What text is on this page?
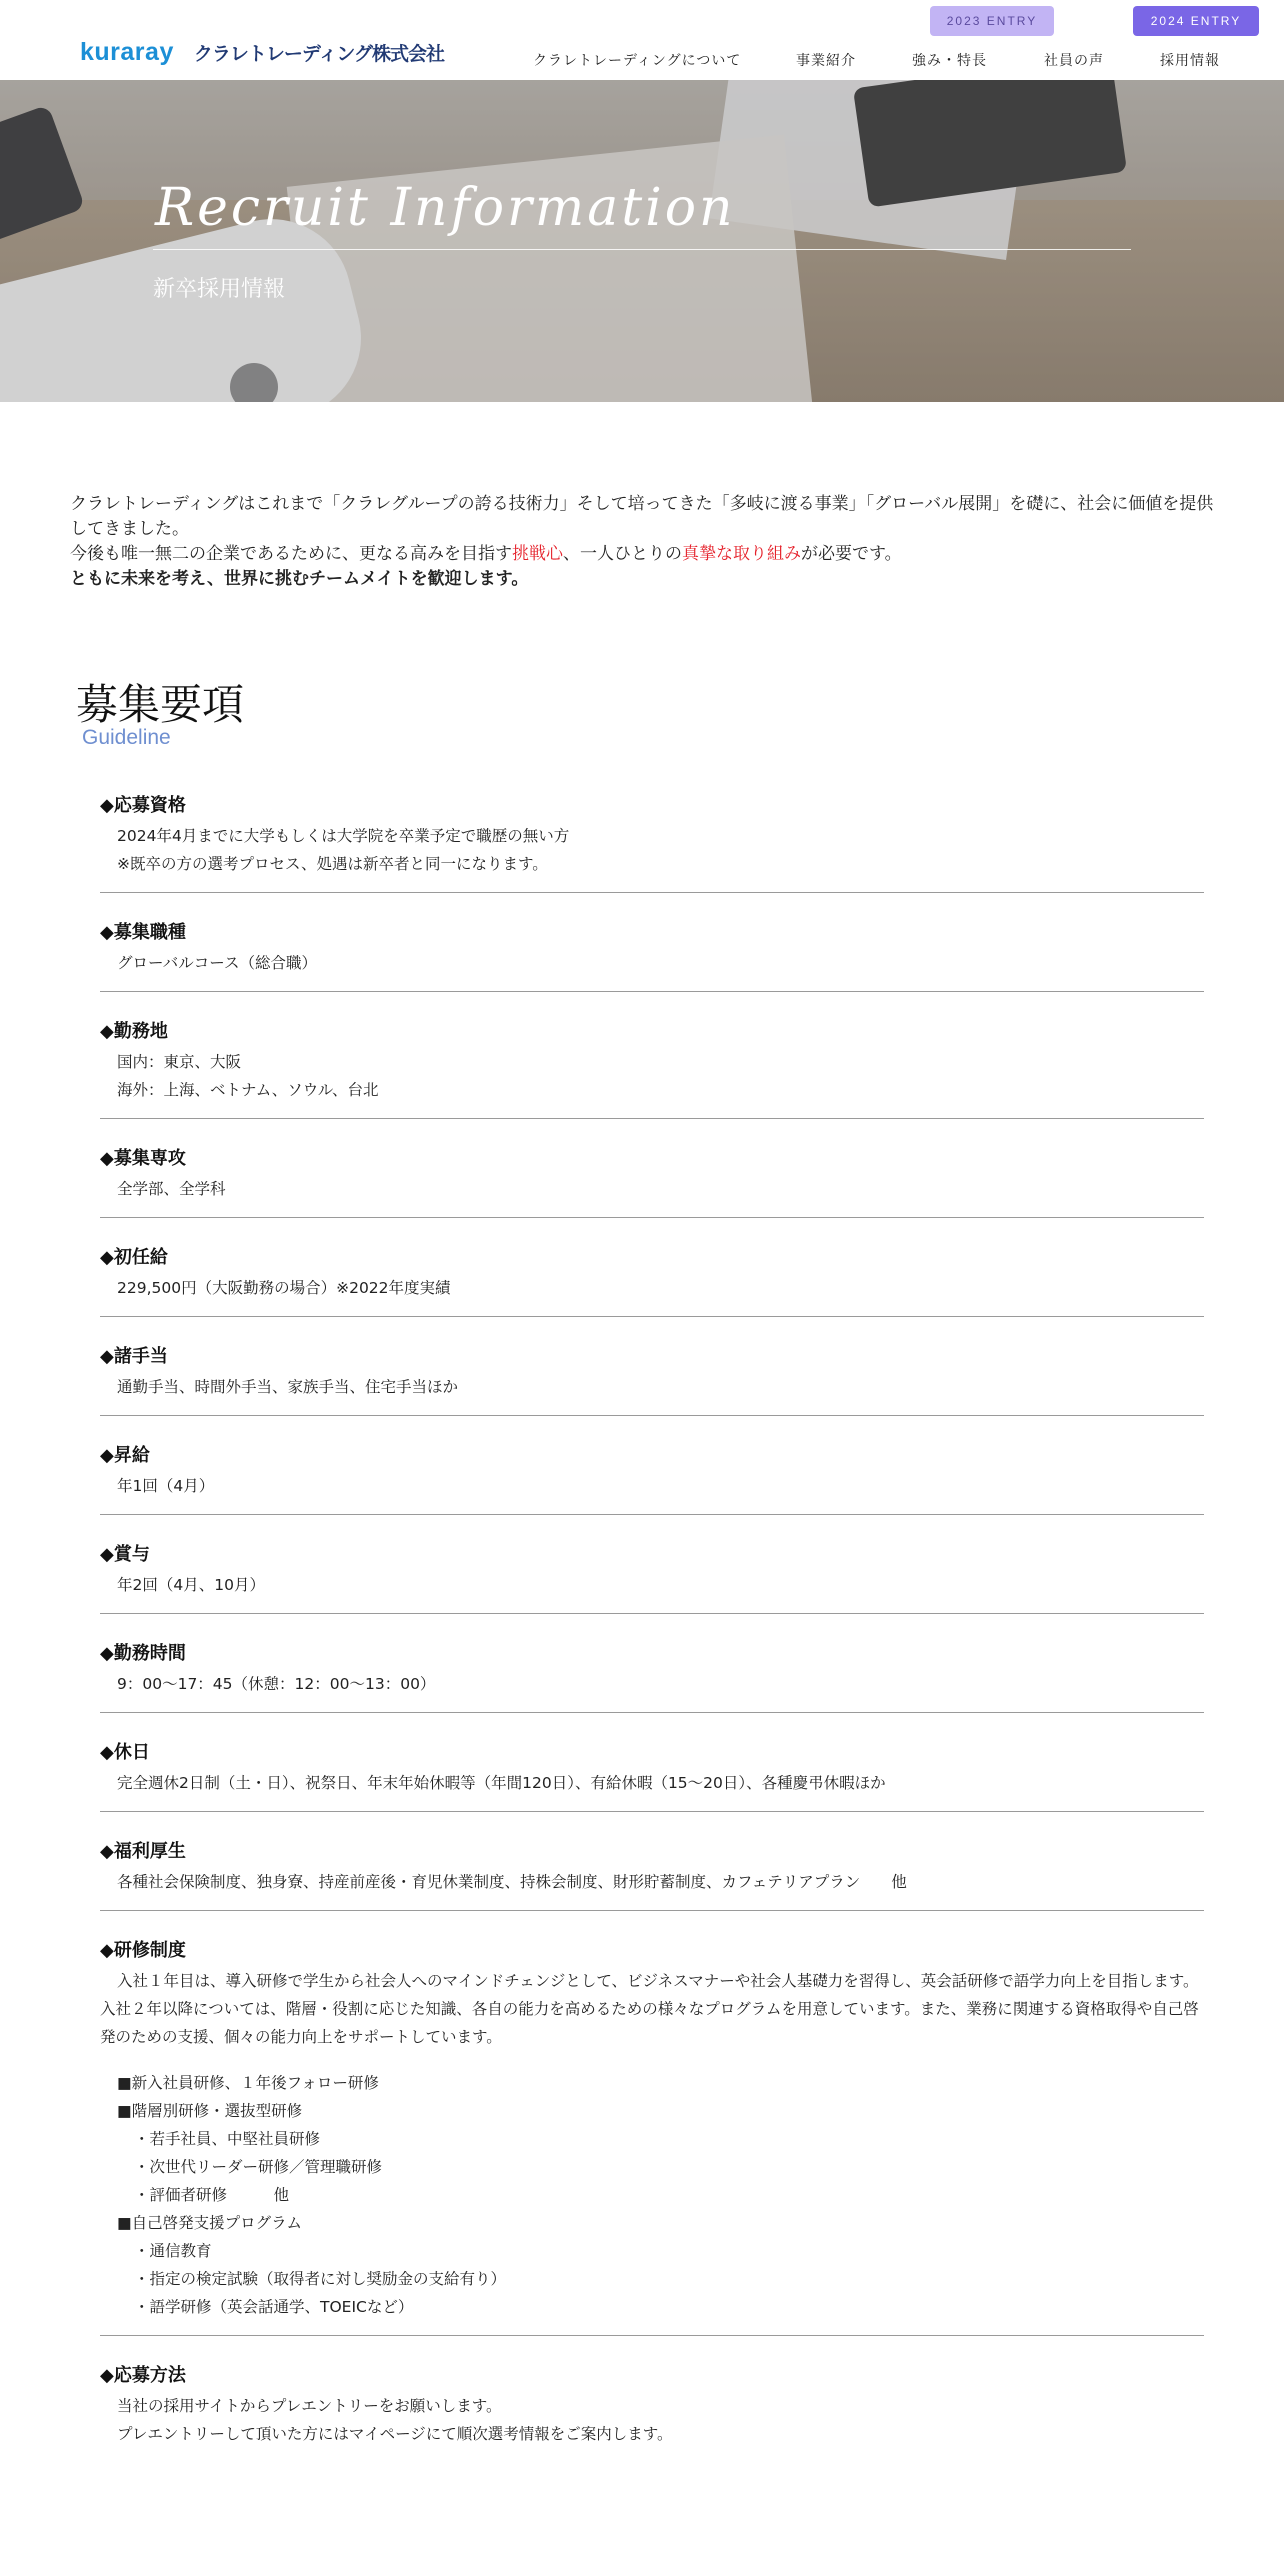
kuraray クラレトレーディング株式会社
2023 ENTRY	2024 ENTRY
クラレトレーディングについて	事業紹介	強み・特長	社員の声	採用情報
Recruit Information
新卒採用情報
クラレトレーディングはこれまで「クラレグループの誇る技術力」そして培ってきた「多岐に渡る事業」「グローバル展開」を礎に、社会に価値を提供してきました。
今後も唯一無二の企業であるために、更なる高みを目指す挑戦心、一人ひとりの真摯な取り組みが必要です。
ともに未来を考え、世界に挑むチームメイトを歓迎します。
募集要項
Guideline
◆応募資格
2024年4月までに大学もしくは大学院を卒業予定で職歴の無い方
※既卒の方の選考プロセス、処遇は新卒者と同一になります。
◆募集職種
グローバルコース（総合職）
◆勤務地
国内：東京、大阪
海外：上海、ベトナム、ソウル、台北
◆募集専攻
全学部、全学科
◆初任給
229,500円（大阪勤務の場合）※2022年度実績
◆諸手当
通勤手当、時間外手当、家族手当、住宅手当ほか
◆昇給
年1回（4月）
◆賞与
年2回（4月、10月）
◆勤務時間
9：00～17：45（休憩：12：00～13：00）
◆休日
完全週休2日制（土・日）、祝祭日、年末年始休暇等（年間120日）、有給休暇（15～20日）、各種慶弔休暇ほか
◆福利厚生
各種社会保険制度、独身寮、持産前産後・育児休業制度、持株会制度、財形貯蓄制度、カフェテリアプラン　　他
◆研修制度
入社１年目は、導入研修で学生から社会人へのマインドチェンジとして、ビジネスマナーや社会人基礎力を習得し、英会話研修で語学力向上を目指します。入社２年以降については、階層・役割に応じた知識、各自の能力を高めるための様々なプログラムを用意しています。また、業務に関連する資格取得や自己啓発のための支援、個々の能力向上をサポートしています。
■新入社員研修、１年後フォロー研修
■階層別研修・選抜型研修
・若手社員、中堅社員研修
・次世代リーダー研修／管理職研修
・評価者研修　　　他
■自己啓発支援プログラム
・通信教育
・指定の検定試験（取得者に対し奨励金の支給有り）
・語学研修（英会話通学、TOEICなど）
◆応募方法
当社の採用サイトからプレエントリーをお願いします。
プレエントリーして頂いた方にはマイページにて順次選考情報をご案内します。
